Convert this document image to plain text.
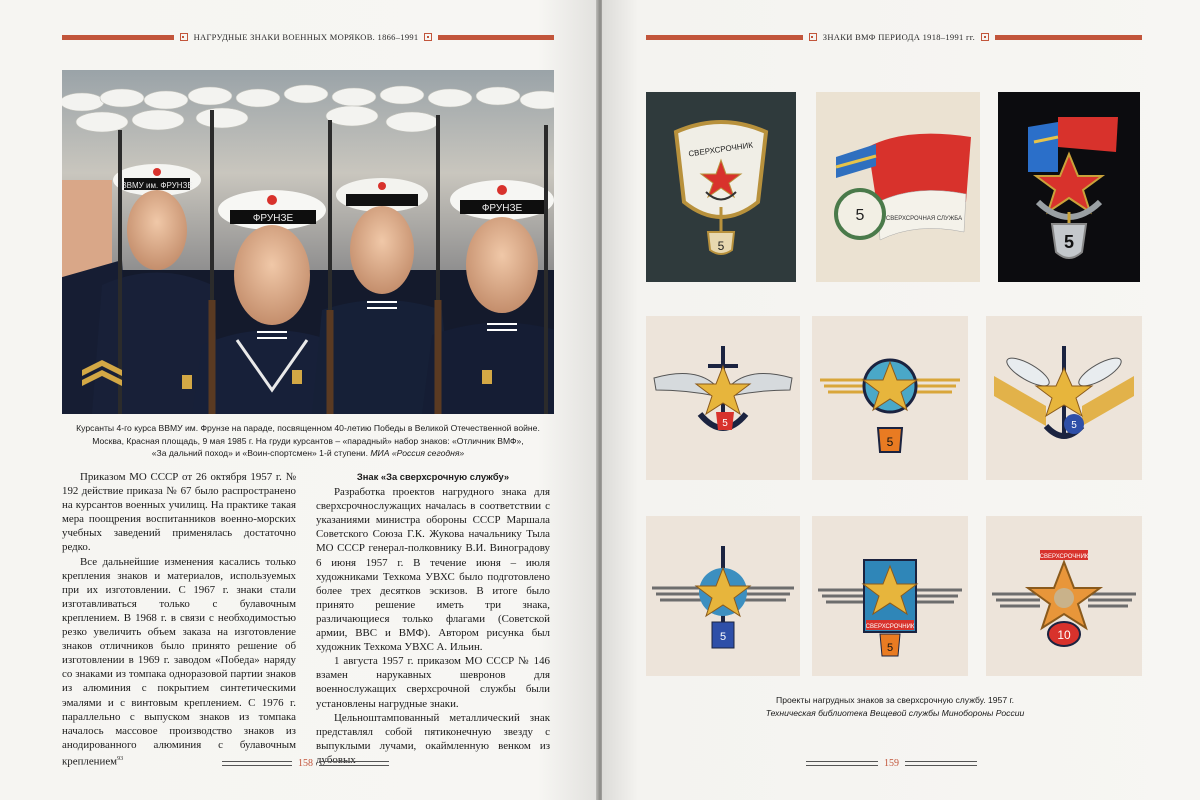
НАГРУДНЫЕ ЗНАКИ ВОЕННЫХ МОРЯКОВ. 1866–1991
ВВМУ им. ФРУНЗЕ
ФРУНЗЕ
ФРУНЗЕ
Курсанты 4-го курса ВВМУ им. Фрунзе на параде, посвященном 40-летию Победы в Великой Отечественной войне.
Москва, Красная площадь, 9 мая 1985 г. На груди курсантов – «парадный» набор знаков: «Отличник ВМФ»,
«За дальний поход» и «Воин-спортсмен» 1-й ступени. МИА «Россия сегодня»

Приказом МО СССР от 26 октября 1957 г. № 192 действие приказа № 67 было распространено на курсантов военных училищ. На практике такая мера поощрения воспитанников военно-морских учебных заведений применялась достаточно редко.

Все дальнейшие изменения касались только крепления знаков и материалов, используемых при их изготовлении. С 1967 г. знаки стали изготавливаться только с булавочным креплением. В 1968 г. в связи с необходимостью резко увеличить объем заказа на изготовление знаков отличников было принято решение об изготовлении в 1969 г. заводом «Победа» наряду со знаками из томпака одноразовой партии знаков из алюминия с покрытием синтетическими эмалями и с винтовым креплением. С 1976 г. параллельно с выпуском знаков из томпака началось массовое производство знаков из анодированного алюминия с булавочным креплением$^{93}$

Знак «За сверхсрочную службу»

Разработка проектов нагрудного знака для сверхсрочнослужащих началась в соответствии с указаниями министра обороны СССР Маршала Советского Союза Г.К. Жукова начальнику Тыла МО СССР генерал-полковнику В.И. Виноградову 6 июня 1957 г. В течение июня – июля художниками Техкома УВХС было подготовлено более трех десятков эскизов. В итоге было принято решение иметь три знака, различающиеся только флагами (Советской армии, ВВС и ВМФ). Автором рисунка был художник Техкома УВХС А. Ильин.

1 августа 1957 г. приказом МО СССР № 146 взамен нарукавных шевронов для военнослужащих сверхсрочной службы были установлены нагрудные знаки.

Цельноштампованный металлический знак представлял собой пятиконечную звезду с выпуклыми лучами, окаймленную венком из дубовых

158
ЗНАКИ ВМФ ПЕРИОДА 1918–1991 гг.
СВЕРХСРОЧНИК
5
СВЕРХСРОЧНАЯ СЛУЖБА
5
5
5
5
5
5
СВЕРХСРОЧНИК
5
СВЕРХСРОЧНИК
10
Проекты нагрудных знаков за сверхсрочную службу. 1957 г.
Техническая библиотека Вещевой службы Минобороны России
159
